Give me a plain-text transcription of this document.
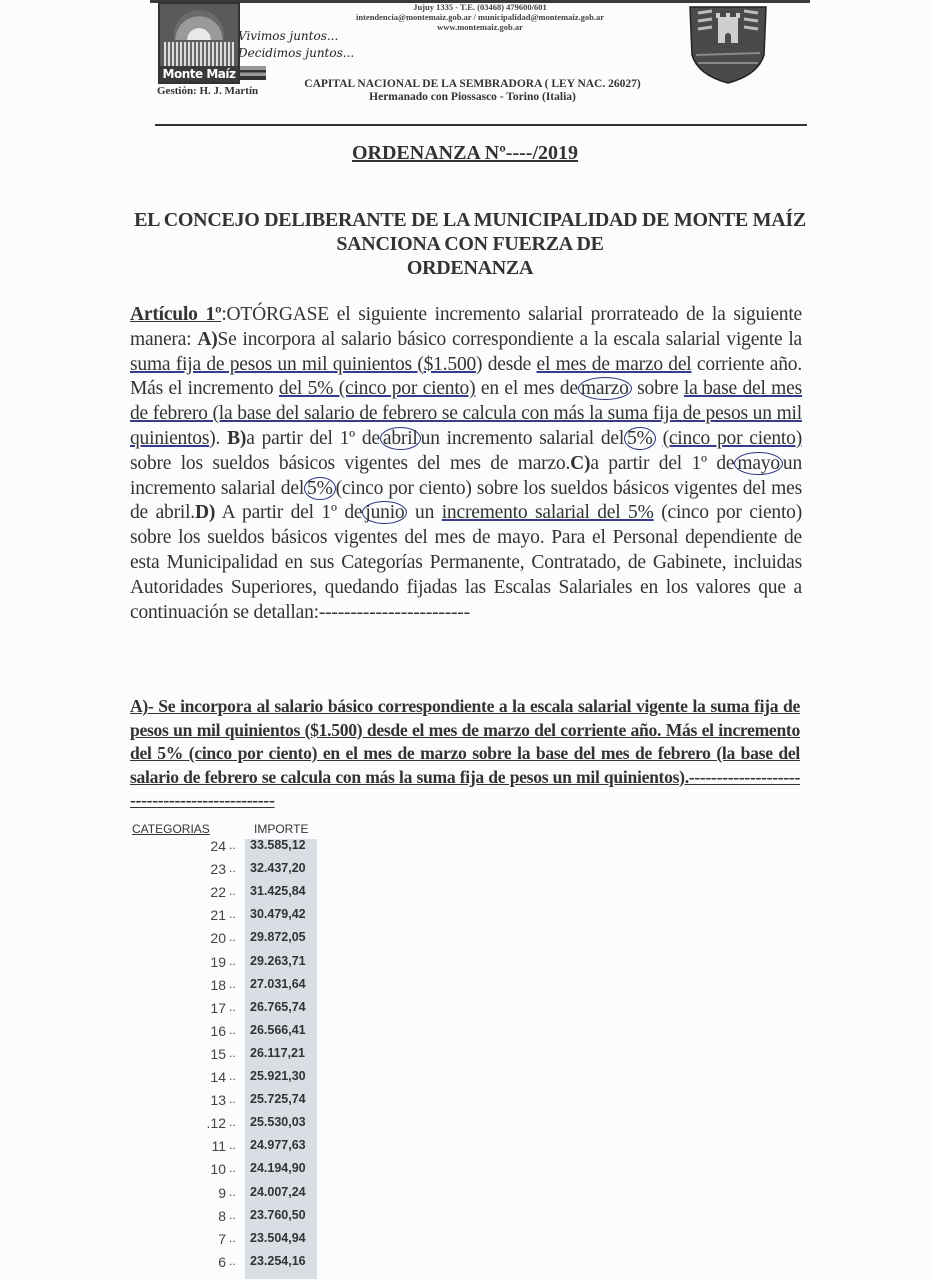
Monte Maíz
Vivimos juntos...
Decidimos juntos...
Gestión: H. J. Martín
Jujuy 1335 - T.E. (03468) 479600/601
intendencia@montemaiz.gob.ar / municipalidad@montemaiz.gob.ar
www.montemaiz.gob.ar
CAPITAL NACIONAL DE LA SEMBRADORA ( LEY NAC. 26027)
Hermanado con Piossasco - Torino (Italia)
ORDENANZA Nº----/2019
EL CONCEJO DELIBERANTE DE LA MUNICIPALIDAD DE MONTE MAÍZ
SANCIONA CON FUERZA DE
ORDENANZA
Artículo 1º:OTÓRGASE el siguiente incremento salarial prorrateado de la siguiente manera: A)Se incorpora al salario básico correspondiente a la escala salarial vigente la suma fija de pesos un mil quinientos ($1.500) desde el mes de marzo del corriente año. Más el incremento del 5% (cinco por ciento) en el mes de marzo sobre la base del mes de febrero (la base del salario de febrero se calcula con más la suma fija de pesos un mil quinientos). B)a partir del 1º de abril un incremento salarial del 5% (cinco por ciento) sobre los sueldos básicos vigentes del mes de marzo.C)a partir del 1º de mayo un incremento salarial del 5% (cinco por ciento) sobre los sueldos básicos vigentes del mes de abril.D) A partir del 1º de junio un incremento salarial del 5% (cinco por ciento) sobre los sueldos básicos vigentes del mes de mayo. Para el Personal dependiente de esta Municipalidad en sus Categorías Permanente, Contratado, de Gabinete, incluidas Autoridades Superiores, quedando fijadas las Escalas Salariales en los valores que a continuación se detallan:------------------------
A)- Se incorpora al salario básico correspondiente a la escala salarial vigente la suma fija de pesos un mil quinientos ($1.500) desde el mes de marzo del corriente año. Más el incremento del 5% (cinco por ciento) en el mes de marzo sobre la base del mes de febrero (la base del salario de febrero se calcula con más la suma fija de pesos un mil quinientos).----------------------------------------------
CATEGORIAS	IMPORTE
24 .. 33.585,12
23 .. 32.437,20
22 .. 31.425,84
21 .. 30.479,42
20 .. 29.872,05
19 .. 29.263,71
18 .. 27.031,64
17 .. 26.765,74
16 .. 26.566,41
15 .. 26.117,21
14 .. 25.921,30
13 .. 25.725,74
.12 .. 25.530,03
11 .. 24.977,63
10 .. 24.194,90
9 .. 24.007,24
8 .. 23.760,50
7 .. 23.504,94
6 .. 23.254,16
